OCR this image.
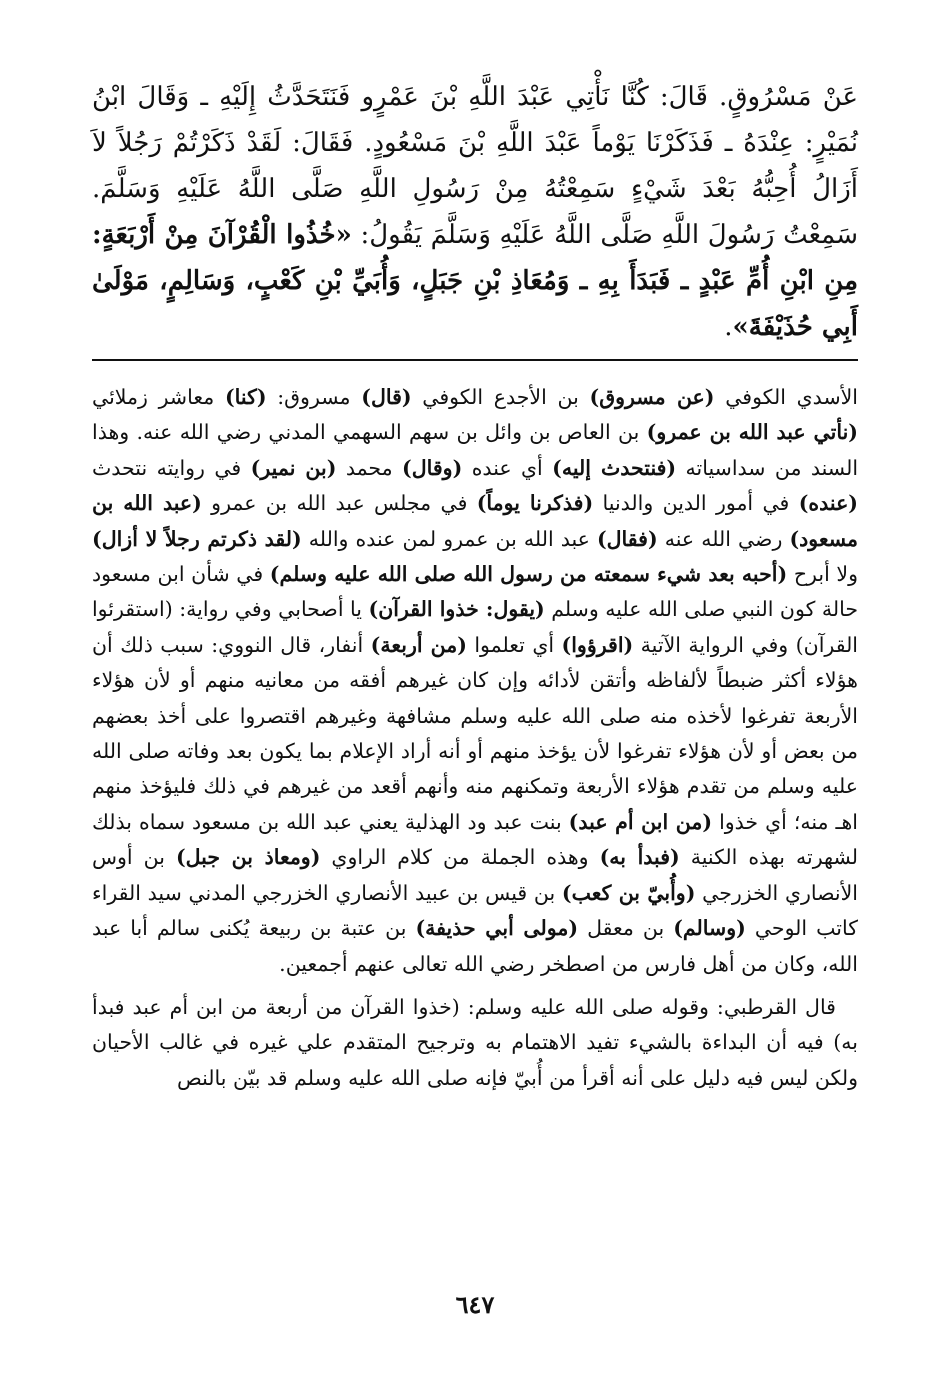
عَنْ مَسْرُوقٍ. قَالَ: كُنَّا نَأْتِي عَبْدَ اللَّهِ بْنَ عَمْرٍو فَنَتَحَدَّثُ إِلَيْهِ ـ وَقَالَ ابْنُ نُمَيْرٍ: عِنْدَهُ ـ فَذَكَرْنَا يَوْماً عَبْدَ اللَّهِ بْنَ مَسْعُودٍ. فَقَالَ: لَقَدْ ذَكَرْتُمْ رَجُلاً لاَ أَزَالُ أُحِبُّهُ بَعْدَ شَيْءٍ سَمِعْتُهُ مِنْ رَسُولِ اللَّهِ صَلَّى اللَّهُ عَلَيْهِ وَسَلَّمَ. سَمِعْتُ رَسُولَ اللَّهِ صَلَّى اللَّهُ عَلَيْهِ وَسَلَّمَ يَقُولُ: «خُذُوا الْقُرْآنَ مِنْ أَرْبَعَةٍ: مِنِ ابْنِ أُمِّ عَبْدٍ ـ فَبَدَأَ بِهِ ـ وَمُعَاذِ بْنِ جَبَلٍ، وَأُبَيِّ بْنِ كَعْبٍ، وَسَالِمٍ، مَوْلَىٰ أَبِي حُذَيْفَةَ».

الأسدي الكوفي (عن مسروق) بن الأجدع الكوفي (قال) مسروق: (كنا) معاشر زملائي (نأتي عبد الله بن عمرو) بن العاص بن وائل بن سهم السهمي المدني رضي الله عنه. وهذا السند من سداسياته (فنتحدث إليه) أي عنده (وقال) محمد (بن نمير) في روايته نتحدث (عنده) في أمور الدين والدنيا (فذكرنا يوماً) في مجلس عبد الله بن عمرو (عبد الله بن مسعود) رضي الله عنه (فقال) عبد الله بن عمرو لمن عنده والله (لقد ذكرتم رجلاً لا أزال) ولا أبرح (أحبه بعد شيء سمعته من رسول الله صلى الله عليه وسلم) في شأن ابن مسعود حالة كون النبي صلى الله عليه وسلم (يقول: خذوا القرآن) يا أصحابي وفي رواية: (استقرئوا القرآن) وفي الرواية الآتية (اقرؤوا) أي تعلموا (من أربعة) أنفار، قال النووي: سبب ذلك أن هؤلاء أكثر ضبطاً لألفاظه وأتقن لأدائه وإن كان غيرهم أفقه من معانيه منهم أو لأن هؤلاء الأربعة تفرغوا لأخذه منه صلى الله عليه وسلم مشافهة وغيرهم اقتصروا على أخذ بعضهم من بعض أو لأن هؤلاء تفرغوا لأن يؤخذ منهم أو أنه أراد الإعلام بما يكون بعد وفاته صلى الله عليه وسلم من تقدم هؤلاء الأربعة وتمكنهم منه وأنهم أقعد من غيرهم في ذلك فليؤخذ منهم اهـ منه؛ أي خذوا (من ابن أم عبد) بنت عبد ود الهذلية يعني عبد الله بن مسعود سماه بذلك لشهرته بهذه الكنية (فبدأ به) وهذه الجملة من كلام الراوي (ومعاذ بن جبل) بن أوس الأنصاري الخزرجي (وأُبيّ بن كعب) بن قيس بن عبيد الأنصاري الخزرجي المدني سيد القراء كاتب الوحي (وسالم) بن معقل (مولى أبي حذيفة) بن عتبة بن ربيعة يُكنى سالم أبا عبد الله، وكان من أهل فارس من اصطخر رضي الله تعالى عنهم أجمعين.

قال القرطبي: وقوله صلى الله عليه وسلم: (خذوا القرآن من أربعة من ابن أم عبد فبدأ به) فيه أن البداءة بالشيء تفيد الاهتمام به وترجيح المتقدم علي غيره في غالب الأحيان ولكن ليس فيه دليل على أنه أقرأ من أُبيّ فإنه صلى الله عليه وسلم قد بيّن بالنص

٦٤٧
